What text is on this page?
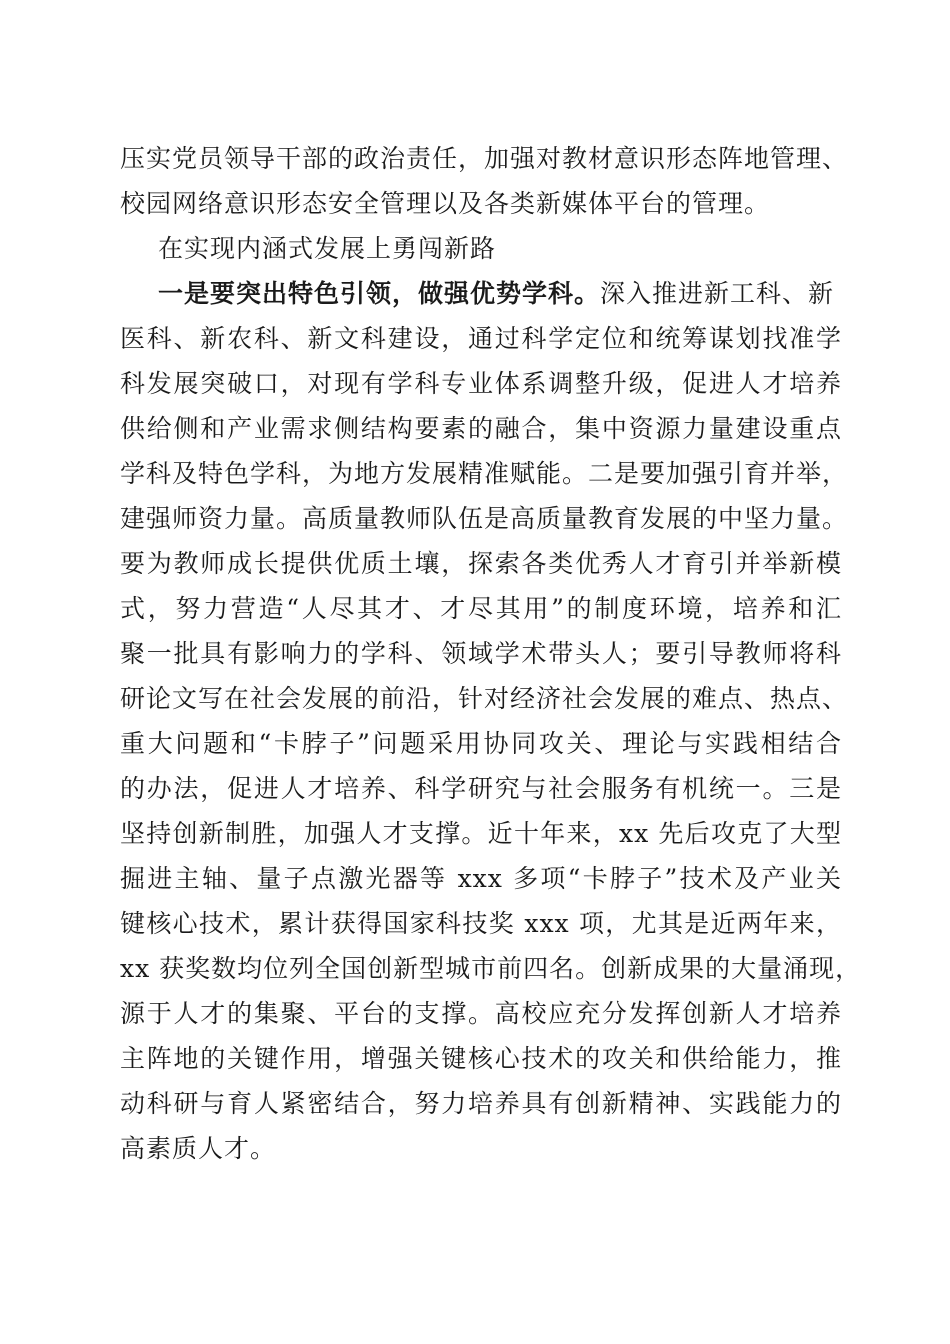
压实党员领导干部的政治责任，加强对教材意识形态阵地管理、
校园网络意识形态安全管理以及各类新媒体平台的管理。
在实现内涵式发展上勇闯新路
一是要突出特色引领，做强优势学科。深入推进新工科、新
医科、新农科、新文科建设，通过科学定位和统筹谋划找准学
科发展突破口，对现有学科专业体系调整升级，促进人才培养
供给侧和产业需求侧结构要素的融合，集中资源力量建设重点
学科及特色学科，为地方发展精准赋能。二是要加强引育并举，
建强师资力量。高质量教师队伍是高质量教育发展的中坚力量。
要为教师成长提供优质土壤，探索各类优秀人才育引并举新模
式，努力营造“人尽其才、才尽其用”的制度环境，培养和汇
聚一批具有影响力的学科、领域学术带头人；要引导教师将科
研论文写在社会发展的前沿，针对经济社会发展的难点、热点、
重大问题和“卡脖子”问题采用协同攻关、理论与实践相结合
的办法，促进人才培养、科学研究与社会服务有机统一。三是
坚持创新制胜，加强人才支撑。近十年来，xx 先后攻克了大型
掘进主轴、量子点激光器等 xxx 多项“卡脖子”技术及产业关
键核心技术，累计获得国家科技奖 xxx 项，尤其是近两年来，
xx 获奖数均位列全国创新型城市前四名。创新成果的大量涌现，
源于人才的集聚、平台的支撑。高校应充分发挥创新人才培养
主阵地的关键作用，增强关键核心技术的攻关和供给能力，推
动科研与育人紧密结合，努力培养具有创新精神、实践能力的
高素质人才。
